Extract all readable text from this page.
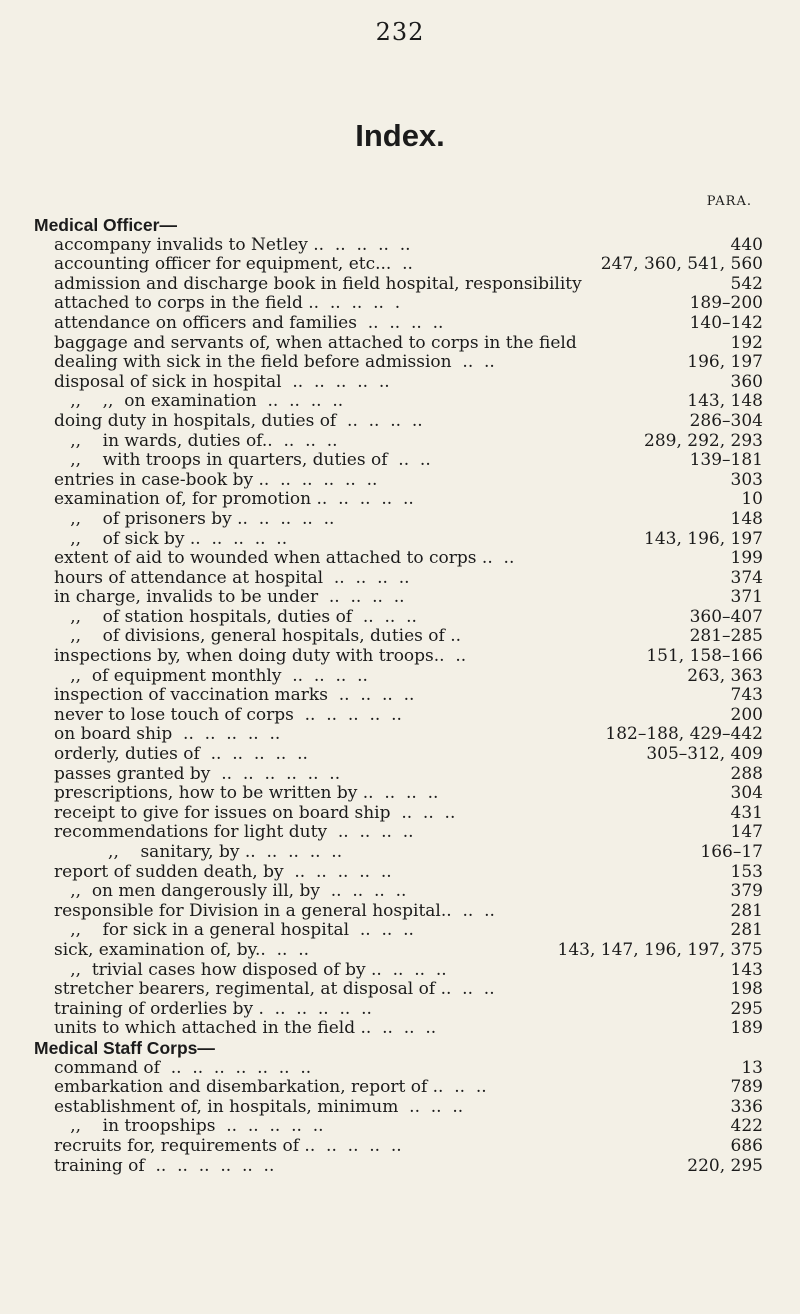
232
Index.
PARA.
Medical Officer—
accompany invalids to Netley ..  ..  ..  ..  ..	440
accounting officer for equipment, etc...  ..	247, 360, 541, 560
admission and discharge book in field hospital, responsibility	542
attached to corps in the field ..  ..  ..  ..  .	189–200
attendance on officers and families  ..  ..  ..  ..	140–142
baggage and servants of, when attached to corps in the field	192
dealing with sick in the field before admission  ..  ..	196, 197
disposal of sick in hospital  ..  ..  ..  ..  ..	360
,,    ,,  on examination  ..  ..  ..  ..	143, 148
doing duty in hospitals, duties of  ..  ..  ..  ..	286–304
,,    in wards, duties of..  ..  ..  ..	289, 292, 293
,,    with troops in quarters, duties of  ..  ..	139–181
entries in case-book by ..  ..  ..  ..  ..  ..	303
examination of, for promotion ..  ..  ..  ..  ..	10
,,    of prisoners by ..  ..  ..  ..  ..	148
,,    of sick by ..  ..  ..  ..  ..	143, 196, 197
extent of aid to wounded when attached to corps ..  ..	199
hours of attendance at hospital  ..  ..  ..  ..	374
in charge, invalids to be under  ..  ..  ..  ..	371
,,    of station hospitals, duties of  ..  ..  ..	360–407
,,    of divisions, general hospitals, duties of ..	281–285
inspections by, when doing duty with troops..  ..	151, 158–166
,,  of equipment monthly  ..  ..  ..  ..	263, 363
inspection of vaccination marks  ..  ..  ..  ..	743
never to lose touch of corps  ..  ..  ..  ..  ..	200
on board ship  ..  ..  ..  ..  ..	182–188, 429–442
orderly, duties of  ..  ..  ..  ..  ..	305–312, 409
passes granted by  ..  ..  ..  ..  ..  ..	288
prescriptions, how to be written by ..  ..  ..  ..	304
receipt to give for issues on board ship  ..  ..  ..	431
recommendations for light duty  ..  ..  ..  ..	147
,,    sanitary, by ..  ..  ..  ..  ..	166–17
report of sudden death, by  ..  ..  ..  ..  ..	153
,,  on men dangerously ill, by  ..  ..  ..  ..	379
responsible for Division in a general hospital..  ..  ..	281
,,    for sick in a general hospital  ..  ..  ..	281
sick, examination of, by..  ..  ..	143, 147, 196, 197, 375
,,  trivial cases how disposed of by ..  ..  ..  ..	143
stretcher bearers, regimental, at disposal of ..  ..  ..	198
training of orderlies by .  ..  ..  ..  ..  ..	295
units to which attached in the field ..  ..  ..  ..	189
Medical Staff Corps—
command of  ..  ..  ..  ..  ..  ..  ..	13
embarkation and disembarkation, report of ..  ..  ..	789
establishment of, in hospitals, minimum  ..  ..  ..	336
,,    in troopships  ..  ..  ..  ..  ..	422
recruits for, requirements of ..  ..  ..  ..  ..	686
training of  ..  ..  ..  ..  ..  ..	220, 295
